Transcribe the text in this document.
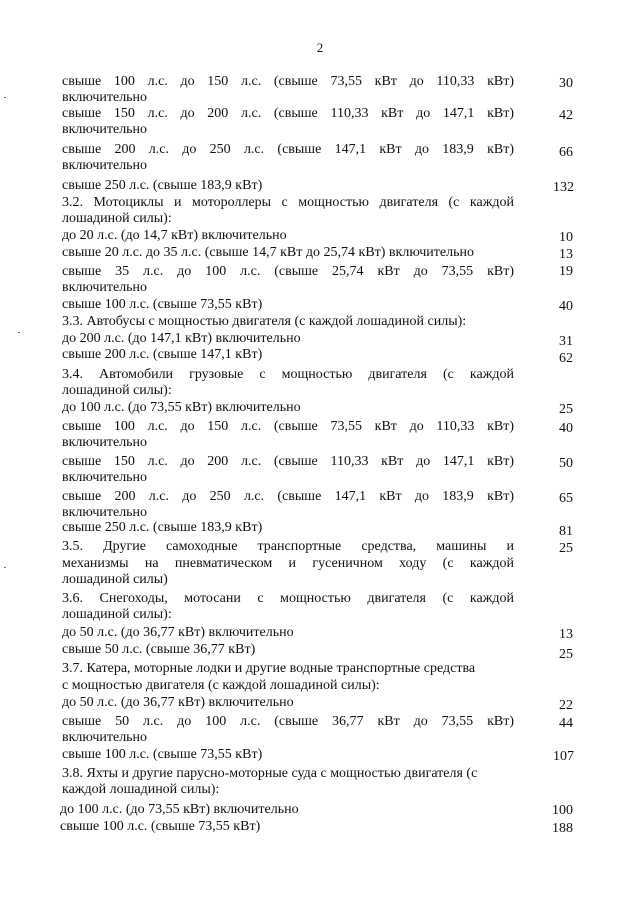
2
свыше 100 л.с. до 150 л.с. (свыше 73,55 кВт до 110,33 кВт)
включительно
свыше 150 л.с. до 200 л.с. (свыше 110,33 кВт до 147,1 кВт)
включительно
свыше 200 л.с. до 250 л.с. (свыше 147,1 кВт до 183,9 кВт)
включительно
свыше 250 л.с. (свыше 183,9 кВт)
3.2. Мотоциклы и мотороллеры с мощностью двигателя (с каждой
лошадиной силы):
до 20 л.с. (до 14,7 кВт) включительно
свыше 20 л.с. до 35 л.с. (свыше 14,7 кВт до 25,74 кВт) включительно
свыше 35 л.с. до 100 л.с. (свыше 25,74 кВт до 73,55 кВт)
включительно
свыше 100 л.с. (свыше 73,55 кВт)
3.3. Автобусы с мощностью двигателя (с каждой лошадиной силы):
до 200 л.с. (до 147,1 кВт) включительно
свыше 200 л.с. (свыше 147,1 кВт)
3.4. Автомобили грузовые с мощностью двигателя (с каждой
лошадиной силы):
до 100 л.с. (до 73,55 кВт) включительно
свыше 100 л.с. до 150 л.с. (свыше 73,55 кВт до 110,33 кВт)
включительно
свыше 150 л.с. до 200 л.с. (свыше 110,33 кВт до 147,1 кВт)
включительно
свыше 200 л.с. до 250 л.с. (свыше 147,1 кВт до 183,9 кВт)
включительно
свыше 250 л.с. (свыше 183,9 кВт)
3.5. Другие самоходные транспортные средства, машины и
механизмы на пневматическом и гусеничном ходу (с каждой
лошадиной силы)
3.6. Снегоходы, мотосани с мощностью двигателя (с каждой
лошадиной силы):
до 50 л.с. (до 36,77 кВт) включительно
свыше 50 л.с. (свыше 36,77 кВт)
3.7. Катера, моторные лодки и другие водные транспортные средства
с мощностью двигателя (с каждой лошадиной силы):
до 50 л.с. (до 36,77 кВт) включительно
свыше 50 л.с. до 100 л.с. (свыше 36,77 кВт до 73,55 кВт)
включительно
свыше 100 л.с. (свыше 73,55 кВт)
3.8. Яхты и другие парусно-моторные суда с мощностью двигателя (с
каждой лошадиной силы):
до 100 л.с. (до 73,55 кВт) включительно
свыше 100 л.с. (свыше 73,55 кВт)
30
42
66
132
10
13
19
40
31
62
25
40
50
65
81
25
13
25
22
44
107
100
188
